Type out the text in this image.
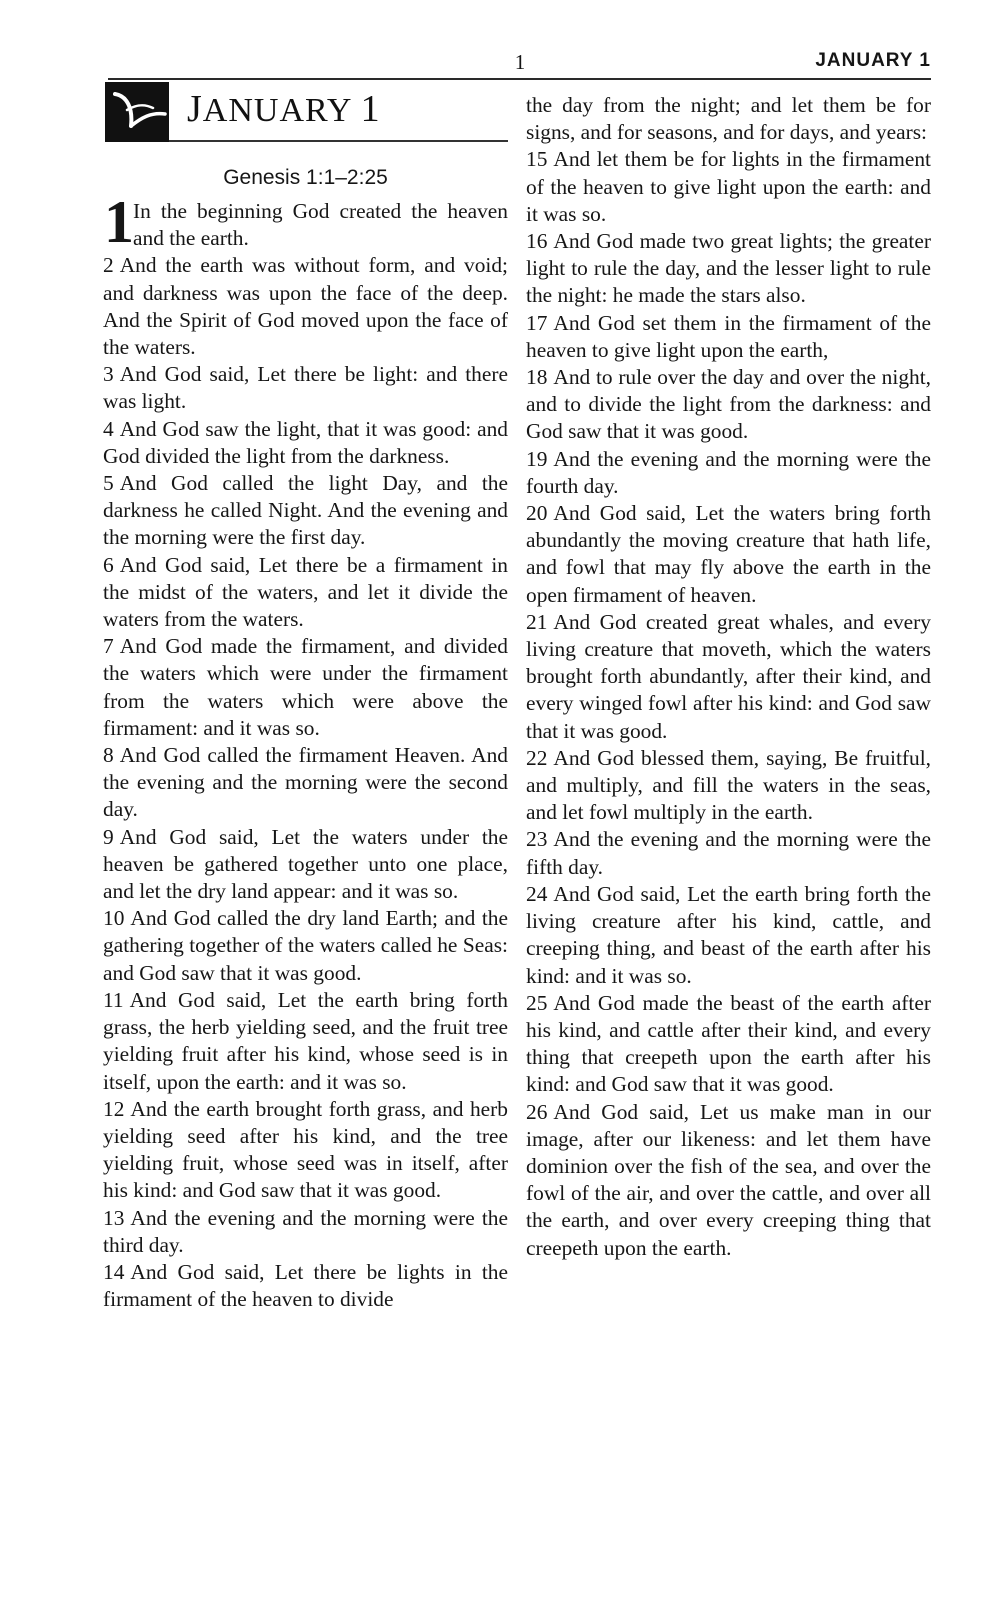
1	JANUARY 1
JANUARY 1
Genesis 1:1–2:25
1 In the beginning God created the heaven and the earth.
2 And the earth was without form, and void; and darkness was upon the face of the deep. And the Spirit of God moved upon the face of the waters.
3 And God said, Let there be light: and there was light.
4 And God saw the light, that it was good: and God divided the light from the darkness.
5 And God called the light Day, and the darkness he called Night. And the evening and the morning were the first day.
6 And God said, Let there be a firmament in the midst of the waters, and let it divide the waters from the waters.
7 And God made the firmament, and divided the waters which were under the firmament from the waters which were above the firmament: and it was so.
8 And God called the firmament Heaven. And the evening and the morning were the second day.
9 And God said, Let the waters under the heaven be gathered together unto one place, and let the dry land appear: and it was so.
10 And God called the dry land Earth; and the gathering together of the waters called he Seas: and God saw that it was good.
11 And God said, Let the earth bring forth grass, the herb yielding seed, and the fruit tree yielding fruit after his kind, whose seed is in itself, upon the earth: and it was so.
12 And the earth brought forth grass, and herb yielding seed after his kind, and the tree yielding fruit, whose seed was in itself, after his kind: and God saw that it was good.
13 And the evening and the morning were the third day.
14 And God said, Let there be lights in the firmament of the heaven to divide
the day from the night; and let them be for signs, and for seasons, and for days, and years:
15 And let them be for lights in the firmament of the heaven to give light upon the earth: and it was so.
16 And God made two great lights; the greater light to rule the day, and the lesser light to rule the night: he made the stars also.
17 And God set them in the firmament of the heaven to give light upon the earth,
18 And to rule over the day and over the night, and to divide the light from the darkness: and God saw that it was good.
19 And the evening and the morning were the fourth day.
20 And God said, Let the waters bring forth abundantly the moving creature that hath life, and fowl that may fly above the earth in the open firmament of heaven.
21 And God created great whales, and every living creature that moveth, which the waters brought forth abundantly, after their kind, and every winged fowl after his kind: and God saw that it was good.
22 And God blessed them, saying, Be fruitful, and multiply, and fill the waters in the seas, and let fowl multiply in the earth.
23 And the evening and the morning were the fifth day.
24 And God said, Let the earth bring forth the living creature after his kind, cattle, and creeping thing, and beast of the earth after his kind: and it was so.
25 And God made the beast of the earth after his kind, and cattle after their kind, and every thing that creepeth upon the earth after his kind: and God saw that it was good.
26 And God said, Let us make man in our image, after our likeness: and let them have dominion over the fish of the sea, and over the fowl of the air, and over the cattle, and over all the earth, and over every creeping thing that creepeth upon the earth.
